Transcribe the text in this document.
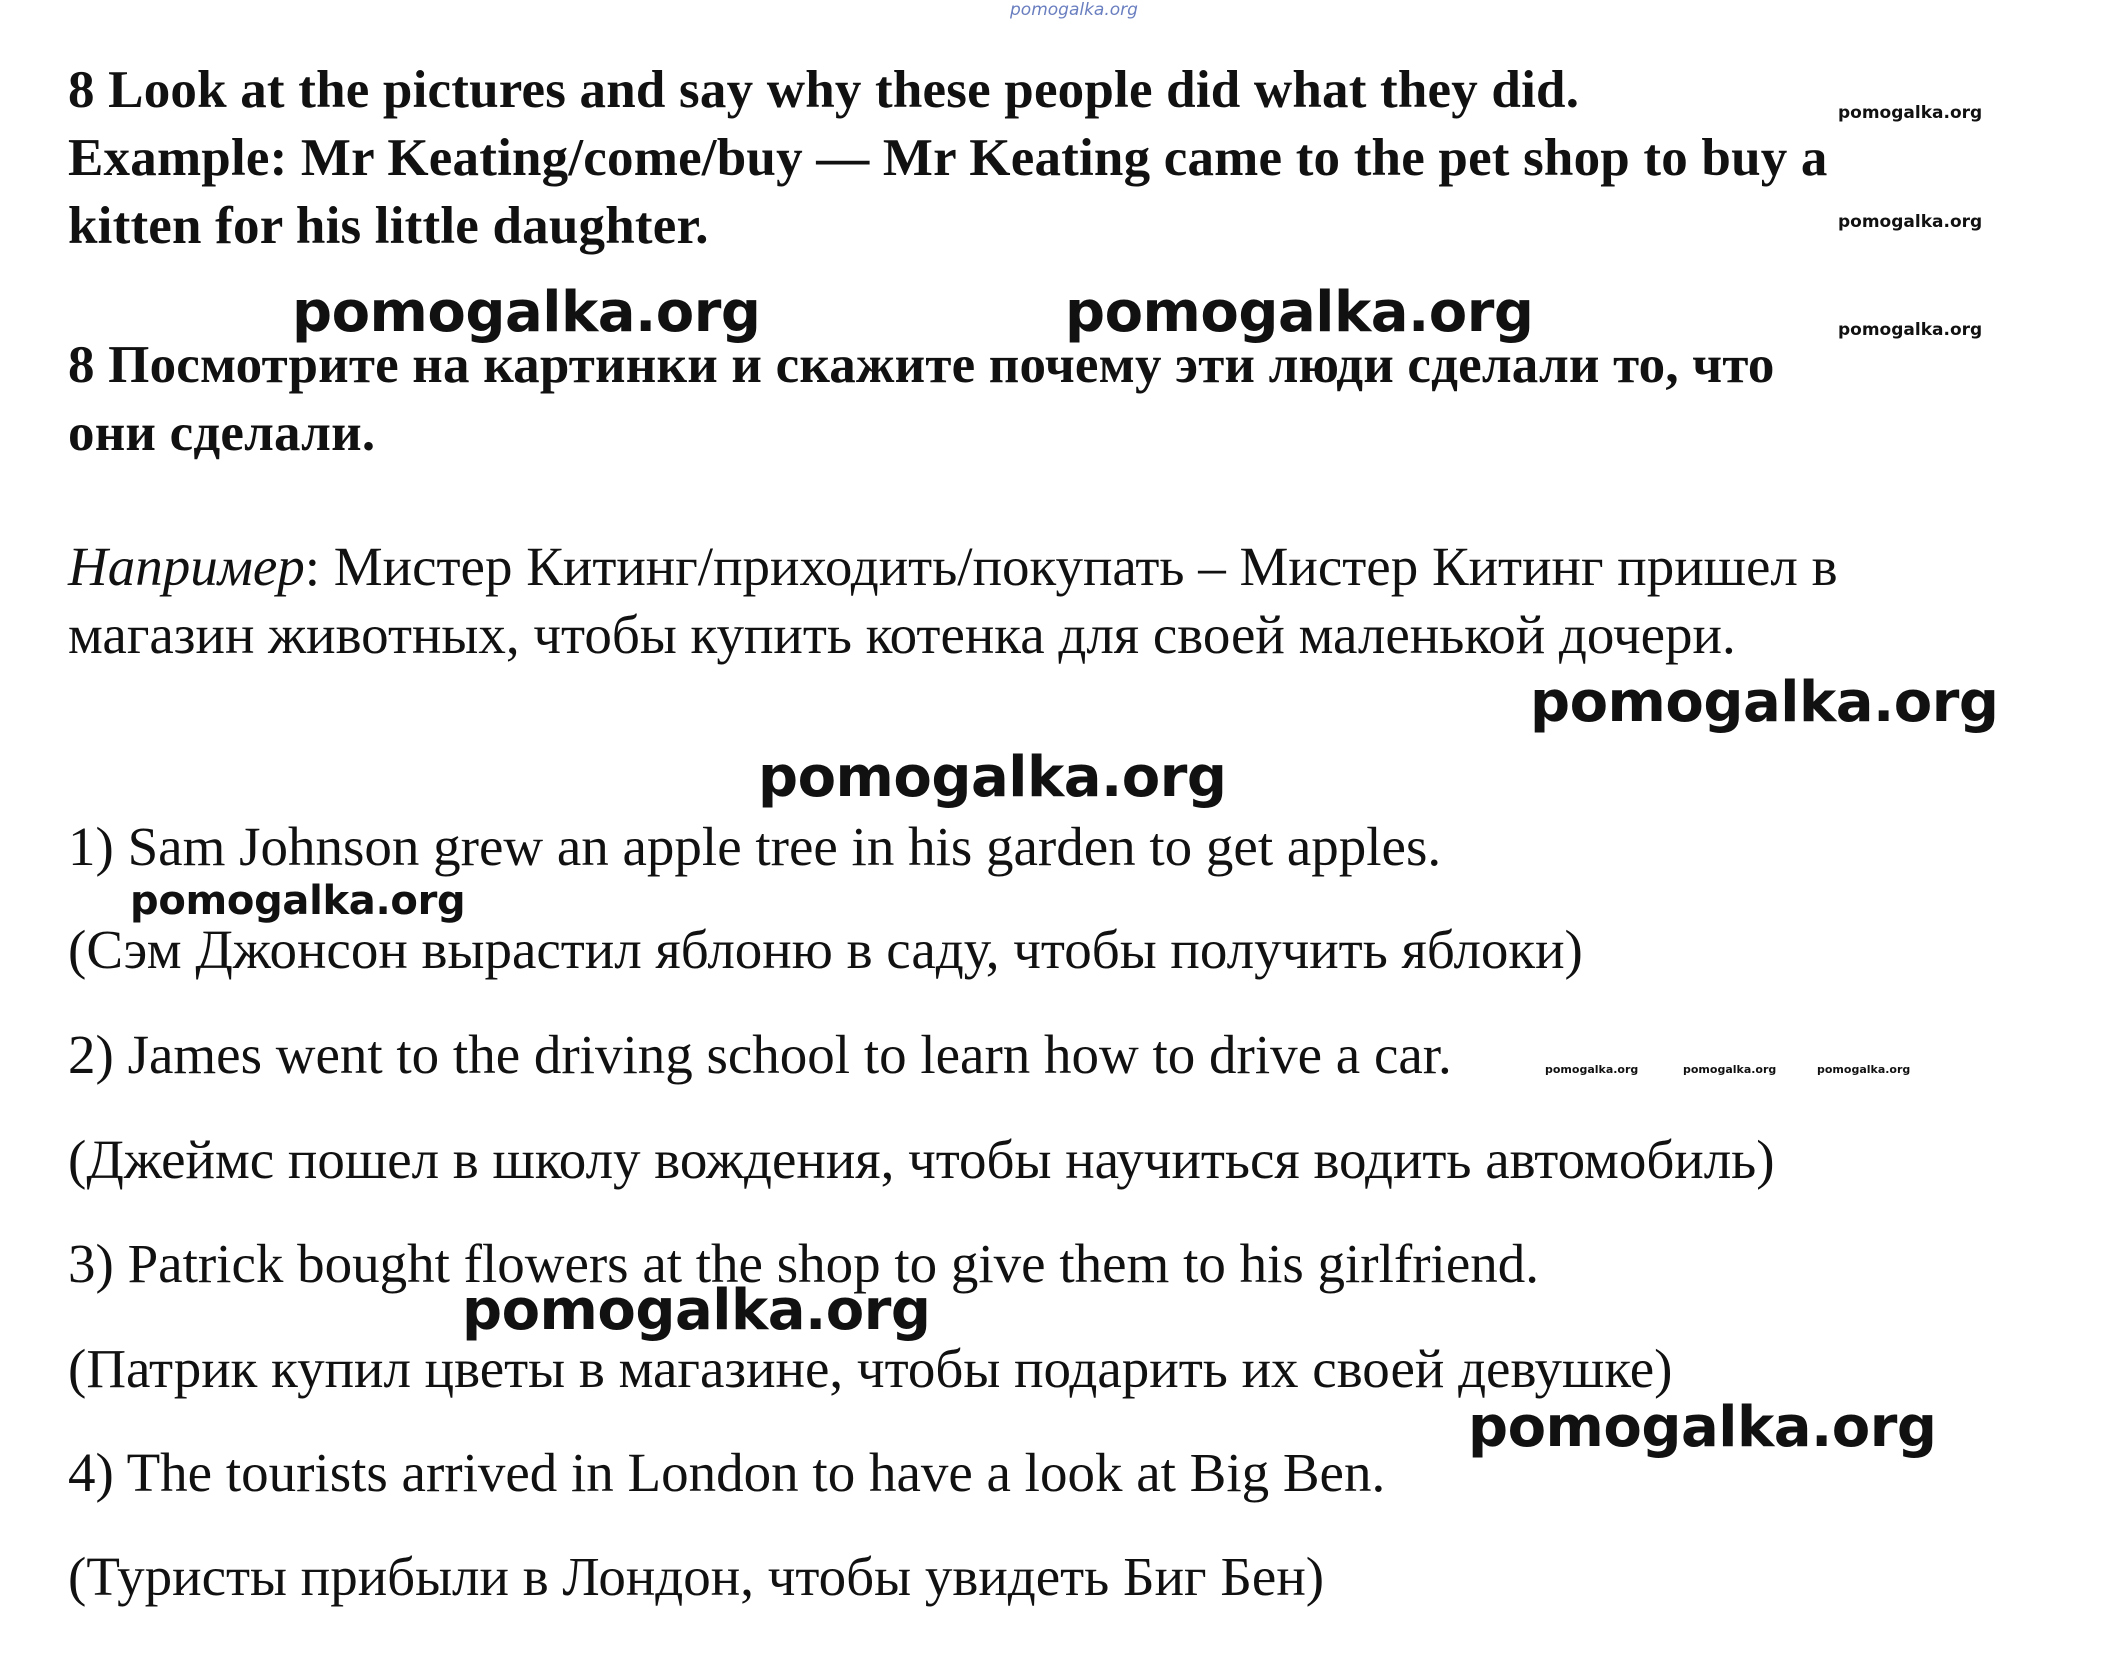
pomogalka.org

8 Look at the pictures and say why these people did what they did.

Example: Mr Keating/come/buy — Mr Keating came to the pet shop to buy a

kitten for his little daughter.

8 Посмотрите на картинки и скажите почему эти люди сделали то, что

они сделали.

Например: Мистер Китинг/приходить/покупать – Мистер Китинг пришел в

магазин животных, чтобы купить котенка для своей маленькой дочери.

1) Sam Johnson grew an apple tree in his garden to get apples.

(Сэм Джонсон вырастил яблоню в саду, чтобы получить яблоки)

2) James went to the driving school to learn how to drive a car.

(Джеймс пошел в школу вождения, чтобы научиться водить автомобиль)

3) Patrick bought flowers at the shop to give them to his girlfriend.

(Патрик купил цветы в магазине, чтобы подарить их своей девушке)

4) The tourists arrived in London to have a look at Big Ben.

(Туристы прибыли в Лондон, чтобы увидеть Биг Бен)

pomogalka.org
pomogalka.org
pomogalka.org
pomogalka.org	pomogalka.org
pomogalka.org
pomogalka.org
pomogalka.org
pomogalka.org	pomogalka.org	pomogalka.org
pomogalka.org
pomogalka.org
